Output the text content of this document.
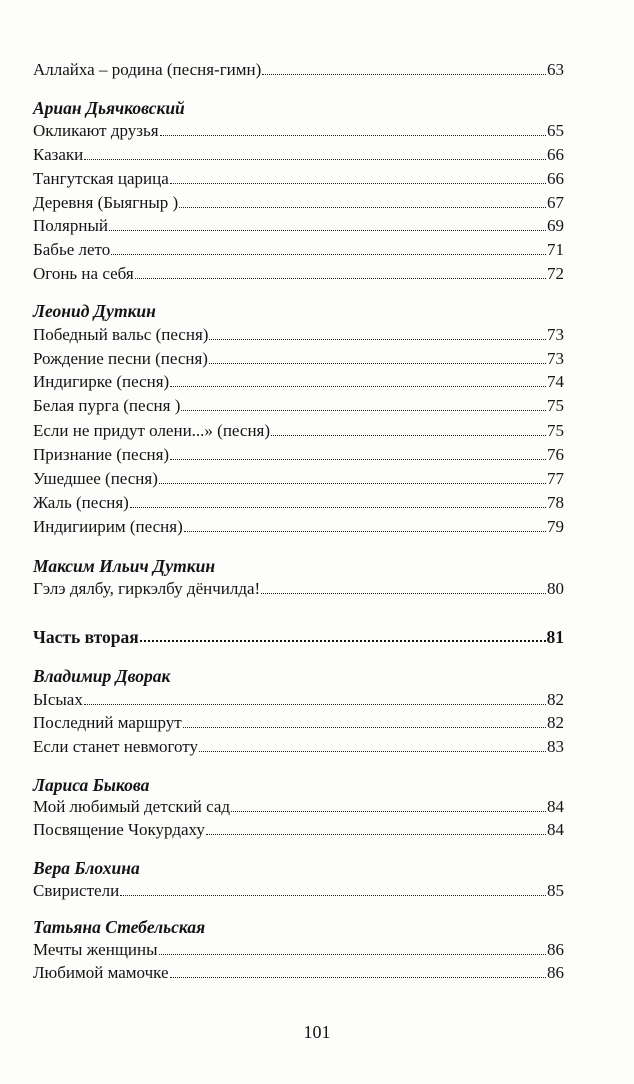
Аллайха – родина (песня-гимн)	63
Ариан Дьячковский
Окликают друзья	65
Казаки	66
Тангутская царица	66
Деревня (Быягныр )	67
Полярный	69
Бабье лето	71
Огонь на себя	72
Леонид Дуткин
Победный вальс (песня)	73
Рождение песни (песня)	73
Индигирке (песня)	74
Белая пурга (песня )	75
Если не придут олени...» (песня)	75
Признание (песня)	76
Ушедшее (песня)	77
Жаль (песня)	78
Индигиирим (песня)	79
Максим Ильич Дуткин
Гэлэ дялбу, гиркэлбу дёнчилда!	80
Часть вторая	81
Владимир Дворак
Ысыах	82
Последний маршрут	82
Если станет невмоготу	83
Лариса Быкова
Мой любимый детский сад	84
Посвящение Чокурдаху	84
Вера Блохина
Свиристели	85
Татьяна Стебельская
Мечты женщины	86
Любимой мамочке	86
101
